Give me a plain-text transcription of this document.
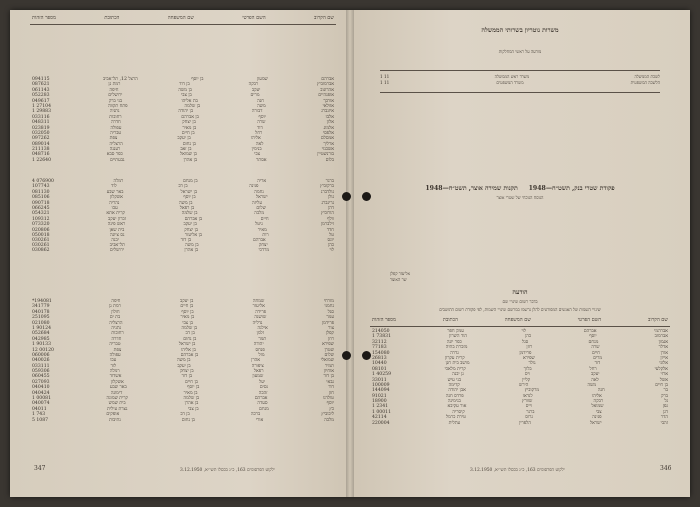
מספר הזהות	הכתובת	שם המשפחה	השם הפרטי	שם הקרוב
094115	הרצל 12, תל־אביב	בן יוסף	שמעון	אברהם
087621	רמת גן	בן דוד	רבקה	אברמוביץ
061143	חיפה	בן משה	יעקב	אהרונוב
052283	ירושלים	בן צבי	מרים	אופנהיים
049617	בני ברק	בת אליהו	חנה	אורבך
1 27104	פתח תקווה	בן שלמה	משה	אזולאי
1 29883	נתניה	בן יהודה	דבורה	איזנברג
033116	רחובות	בן אברהם	יוסף	אלבז
048311	חדרה	בן יצחק	שרה	אלון
023819	עפולה	בן מאיר	דוד	אלמוג
032050	טבריה	בן חיים	רחל	אלפסי
097262	צפת	בן יעקב	אליהו	אמסלם
089014	הרצליה	בן נחום	לאה	ארליך
211138	רעננה	בן זאב	בנימין	אשכנזי
048716	כפר סבא	בן שמואל	צבי	בורנשטיין
1 22640	גבעתיים	בן אהרן	אסתר	בלום
4 076900	רמלה	בן מנחם	אריה	ברגר
107743	לוד	בן דב	פנינה	ברקוביץ
081130	באר שבע	בן ישראל	נחמה	גולדברג
085106	אשקלון	בן יוסף	ישראל	גולן
090718	נהריה	בן משה	עליזה	גרינברג
066245	עכו	בן רפאל	שלום	דהן
054321	קרית אתא	בן שלמה	מלכה	הורוביץ
109312	זכרון יעקב	בן אברהם	חיים	וולף
073320	ראש פינה	בן יעקב	גיטל	זילברמן
020806	בית שאן	בן יצחק	מאיר	חדד
050018	נס ציונה	בן אליעזר	רות	טל
030261	יבנה	בן דוד	אברהם	יונס
030261	תל־אביב	בן משה	יצחק	כהן
030862	ירושלים	בן אהרן	מרדכי	לוי
*194081	חיפה	בן יעקב	שמחה	מזרחי
341779	רמת גן	בן חיים	אליעזר	נחמני
040178	חולון	בן יוסף	פרידה	סגל
251095	בת ים	בן מאיר	שושנה	עמר
021080	הרצליה	בן צבי	גדליה	פרידמן
1 90124	נתניה	בן שלמה	אילנה	צור
052684	רחובות	בן דב	זלמן	קפלן
042985	חדרה	בן נחום	תמר	רוזן
1 90133	טבריה	בן ישראל	יהודה	שפירא
12 00120	צפת	בן אליהו	פנחס	שטרן
060006	עפולה	בן אברהם	מזל	שלום
040026	עכו	בן משה	אהרן	שמואלי
033111	לוד	בן יעקב	ציפורה	תמיר
059306	רמלה	בן יצחק	רפאל	אוחיון
060455	אשדוד	בן דוד	שמעון	בן דוד
027093	אשקלון	בן חיים	יעל	גבאי
040410	באר שבע	בן יוסף	נסים	דוד
040424	דימונה	בן מאיר	זהבה	חזן
1 00081	קרית שמונה	בן שלמה	אברהם	טולדנו
040074	בית שמש	בן אהרן	סעדה	יוסף
04011	נצרת עילית	בן צבי	מנחם	כץ
1 743	אופקים	בן דב	ברכה	ליבוביץ
5 1087	נתיבות	בן נחום	אורי	מלכה
347	ילקוט הפרסומים 163, כ״ג בכסלו תשי״א, 3.12.1950
משרות נוטריון בשרותי הממשלה
מודעה על ראשי המחלקות
1 11	משרד ראש הממשלה	לשכת הממשלה
1 11	משרד המשפטים	הלשכה המשפטית
פקודת שטרי בנק, תשט״ח—1948     תקנות שמירה אוצר, תשט״ח—1948
הנוסח הנוכחי של שטרי אוצר
אליעזר קפלן
שר האוצר
הודעה
בדבר רשום שינויי שם
שינויי השמות של האנשים המפורטים להלן נרשמו במרשם שינויי השמות, לפי פקודת רשום התושבים
מספר הזהות	הכתובת	שם המשפחה	השם הפרטי	שם הקרוב
214050	עמק חפר	לוי	אברהם	אברהמי
1 73831	הוד השרון	כהן	יוסף	אברמוב
32112	כפר יונה	סגל	מנחם	אגמון
77183	מזכרת בתיה	רוזן	שרה	אדלר
154080	גדרה	פרידמן	חיים	אורן
26813	קרית עקרון	שפירא	מרים	אייזן
10440	מושב בית חנן	גולד	דוד	אלוני
08101	קרית מלאכי	בלוך	רחל	אלקלעי
1 40259	גן יבנה	ויס	יעקב	ארזי
33011	בני עיש	קליין	לאה	אשל
100009	קדימה	הירש	משה	בן חיים
144094	אבן יהודה	מרקוביץ	חנה	בר
91021	פרדס חנה	לנדאו	אליהו	ברק
18900	בנימינה	שוורץ	רבקה	גל
1 2341	אור עקיבא	וייס	שמואל	גפן
1 00011	קיסריה	ברנר	צבי	דגן
42114	טירת כרמל	גרוס	פנינה	הדר
220004	עתלית	הלפרין	ישראל	זהבי
346
ילקוט הפרסומים 163, כ״ג בכסלו תשי״א, 3.12.1950
